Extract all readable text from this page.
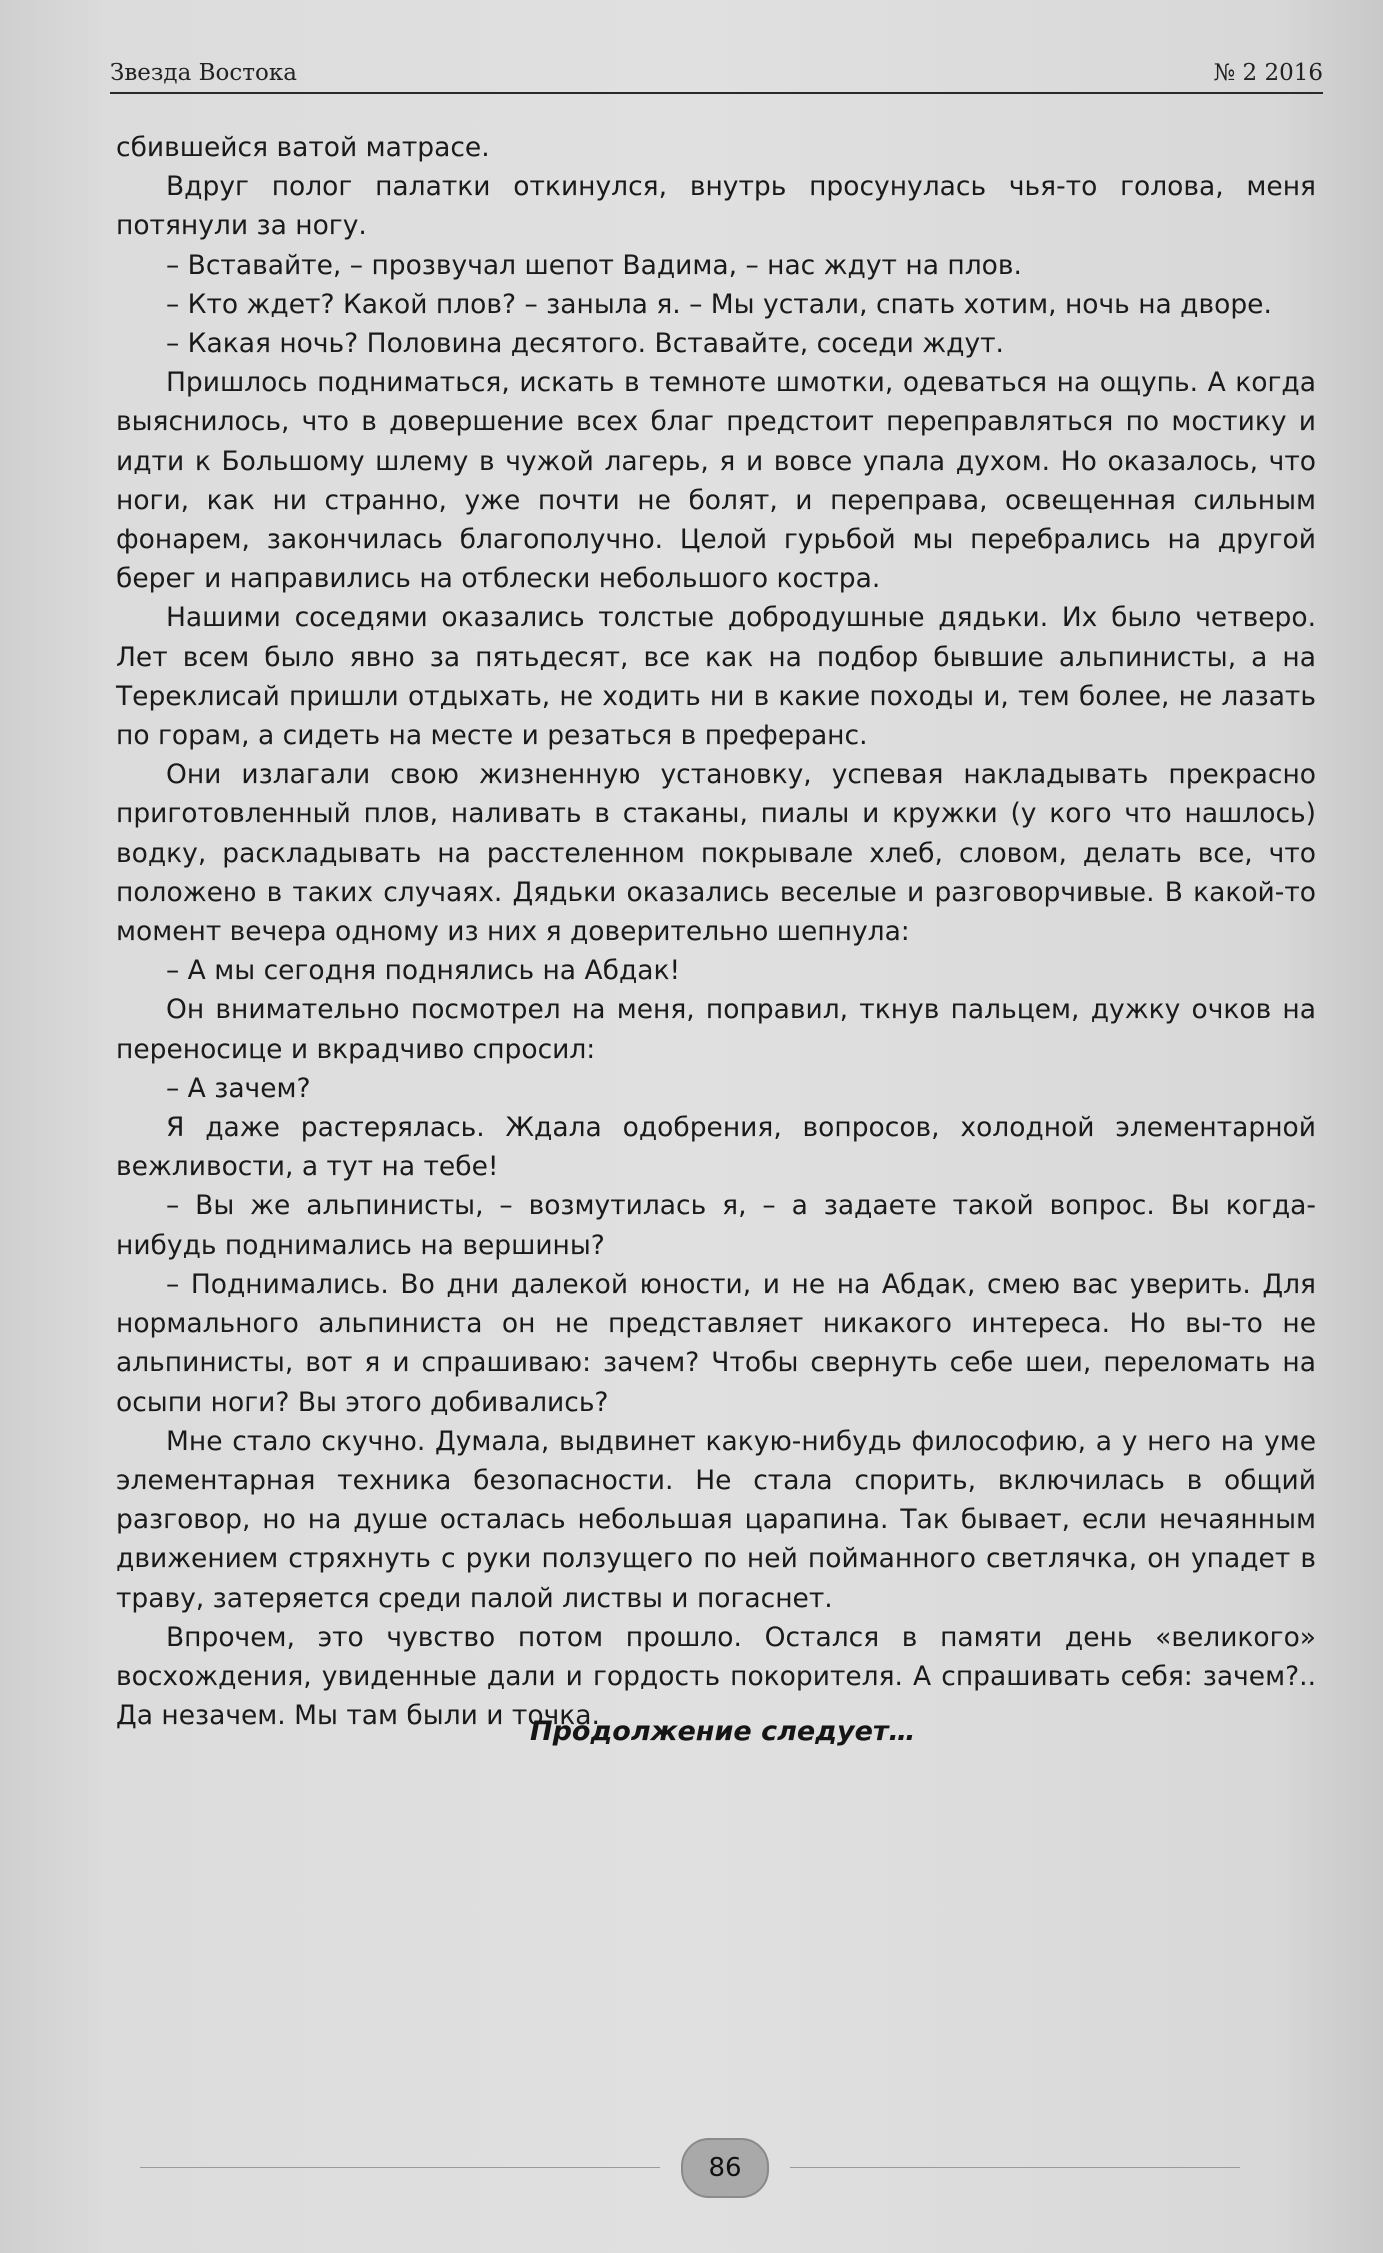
Звезда Востока	№ 2 2016

сбившейся ватой матрасе.

Вдруг полог палатки откинулся, внутрь просунулась чья-то голова, меня потянули за ногу.

– Вставайте, – прозвучал шепот Вадима, – нас ждут на плов.

– Кто ждет? Какой плов? – заныла я. – Мы устали, спать хотим, ночь на дворе.

– Какая ночь? Половина десятого. Вставайте, соседи ждут.

Пришлось подниматься, искать в темноте шмотки, одеваться на ощупь. А когда выяснилось, что в довершение всех благ предстоит переправляться по мостику и идти к Большому шлему в чужой лагерь, я и вовсе упала духом. Но оказалось, что ноги, как ни странно, уже почти не болят, и переправа, освещенная сильным фонарем, закончилась благополучно. Целой гурьбой мы перебрались на другой берег и направились на отблески небольшого костра.

Нашими соседями оказались толстые добродушные дядьки. Их было четверо. Лет всем было явно за пятьдесят, все как на подбор бывшие альпинисты, а на Тереклисай пришли отдыхать, не ходить ни в какие походы и, тем более, не лазать по горам, а сидеть на месте и резаться в преферанс.

Они излагали свою жизненную установку, успевая накладывать прекрасно приготовленный плов, наливать в стаканы, пиалы и кружки (у кого что нашлось) водку, раскладывать на расстеленном покрывале хлеб, словом, делать все, что положено в таких случаях. Дядьки оказались веселые и разговорчивые. В какой-то момент вечера одному из них я доверительно шепнула:

– А мы сегодня поднялись на Абдак!

Он внимательно посмотрел на меня, поправил, ткнув пальцем, дужку очков на переносице и вкрадчиво спросил:

– А зачем?

Я даже растерялась. Ждала одобрения, вопросов, холодной элементарной вежливости, а тут на тебе!

– Вы же альпинисты, – возмутилась я, – а задаете такой вопрос. Вы когда-нибудь поднимались на вершины?

– Поднимались. Во дни далекой юности, и не на Абдак, смею вас уверить. Для нормального альпиниста он не представляет никакого интереса. Но вы-то не альпинисты, вот я и спрашиваю: зачем? Чтобы свернуть себе шеи, переломать на осыпи ноги? Вы этого добивались?

Мне стало скучно. Думала, выдвинет какую-нибудь философию, а у него на уме элементарная техника безопасности. Не стала спорить, включилась в общий разговор, но на душе осталась небольшая царапина. Так бывает, если нечаянным движением стряхнуть с руки ползущего по ней пойманного светлячка, он упадет в траву, затеряется среди палой листвы и погаснет.

Впрочем, это чувство потом прошло. Остался в памяти день «великого» восхождения, увиденные дали и гордость покорителя. А спрашивать себя: зачем?.. Да незачем. Мы там были и точка.

Продолжение следует…
86
